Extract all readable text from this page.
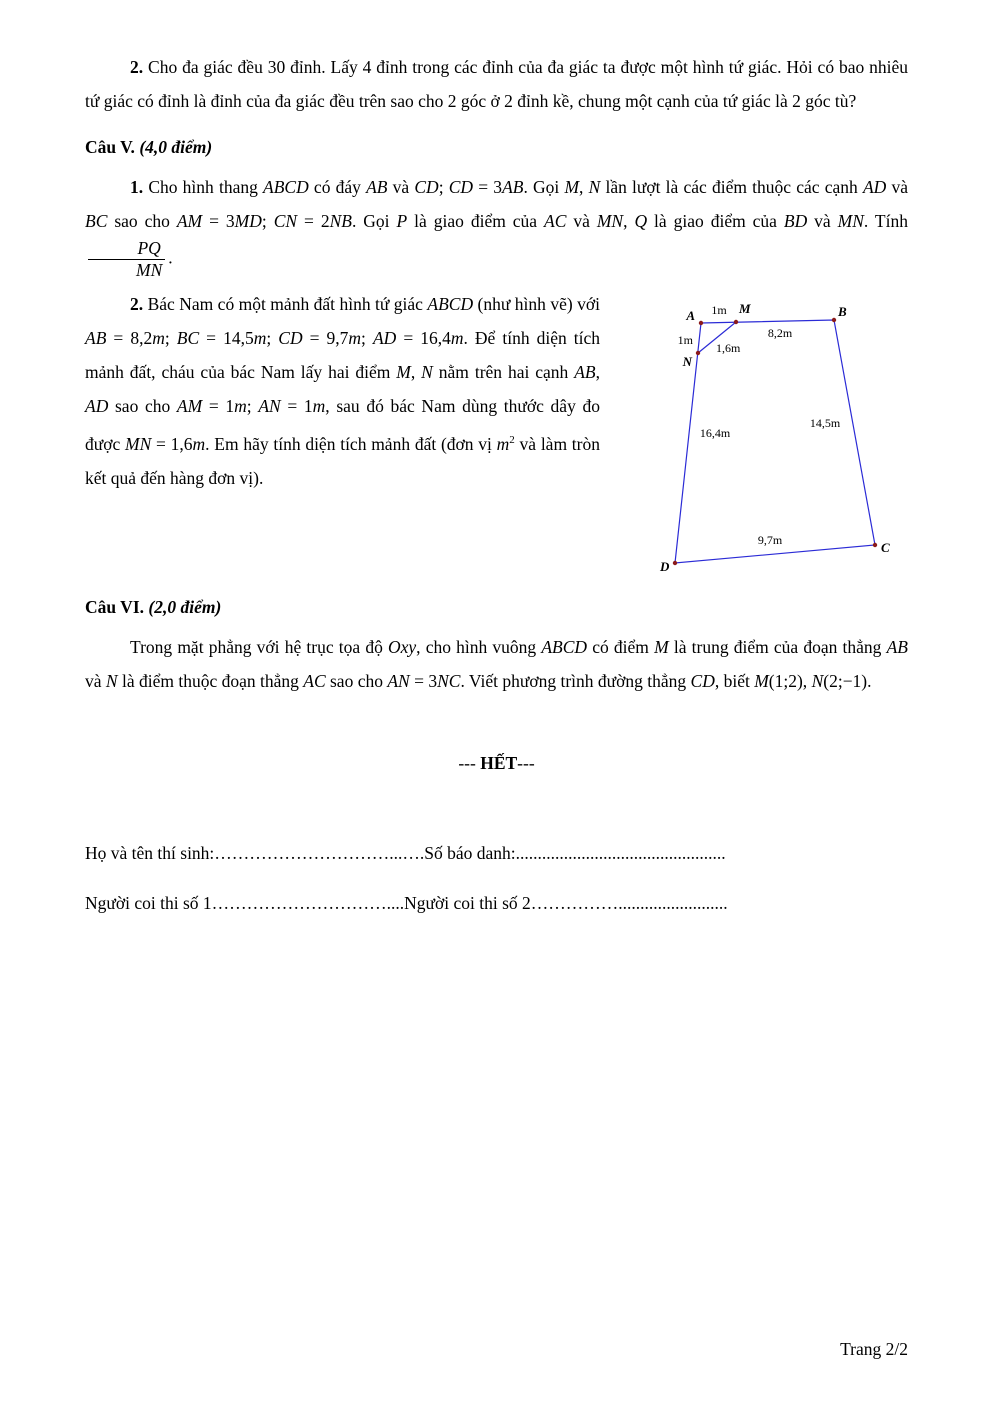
2. Cho đa giác đều 30 đỉnh. Lấy 4 đỉnh trong các đỉnh của đa giác ta được một hình tứ giác. Hỏi có bao nhiêu tứ giác có đỉnh là đỉnh của đa giác đều trên sao cho 2 góc ở 2 đỉnh kề, chung một cạnh của tứ giác là 2 góc tù?

Câu V. (4,0 điểm)

1. Cho hình thang ABCD có đáy AB và CD; CD = 3AB. Gọi M, N lần lượt là các điểm thuộc các cạnh AD và BC sao cho AM = 3MD; CN = 2NB. Gọi P là giao điểm của AC và MN, Q là giao điểm của BD và MN. Tính
$\frac{PQ}{MN}$ .

A	M	B
N
D
C
1m
8,2m
1m
1,6m
16,4m
14,5m
9,7m

2. Bác Nam có một mảnh đất hình tứ giác ABCD (như hình vẽ) với AB = 8,2m; BC = 14,5m; CD = 9,7m; AD = 16,4m. Để tính diện tích mảnh đất, cháu của bác Nam lấy hai điểm M, N nằm trên hai cạnh AB, AD sao cho AM = 1m; AN = 1m, sau đó bác Nam dùng thước dây đo được MN = 1,6m. Em hãy tính diện tích mảnh đất (đơn vị $m^2$ và làm tròn kết quả đến hàng đơn vị).

Câu VI. (2,0 điểm)

Trong mặt phẳng với hệ trục tọa độ Oxy, cho hình vuông ABCD có điểm M là trung điểm của đoạn thẳng AB và N là điểm thuộc đoạn thẳng AC sao cho AN = 3NC. Viết phương trình đường thẳng CD, biết M(1;2), N(2;−1).

--- HẾT---

Họ và tên thí sinh:…………………………...….Số báo danh:................................................

Người coi thi số 1…………………………....Người coi thi số 2…………….........................

Trang 2/2
